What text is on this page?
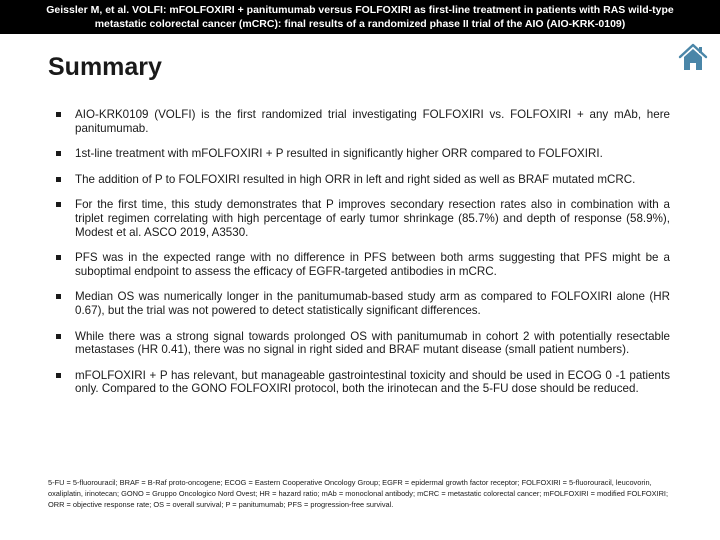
Geissler M, et al. VOLFI: mFOLFOXIRI + panitumumab versus FOLFOXIRI as first-line treatment in patients with RAS wild-type
metastatic colorectal cancer (mCRC): final results of a randomized phase II trial of the AIO (AIO-KRK-0109)
Summary
AIO-KRK0109 (VOLFI) is the first randomized trial investigating FOLFOXIRI vs. FOLFOXIRI + any mAb, here panitumumab.
1st-line treatment with mFOLFOXIRI + P resulted in significantly higher ORR compared to FOLFOXIRI.
The addition of P to FOLFOXIRI resulted in high ORR in left and right sided as well as BRAF mutated mCRC.
For the first time, this study demonstrates that P improves secondary resection rates also in combination with a triplet regimen correlating with high percentage of early tumor shrinkage (85.7%) and depth of response (58.9%), Modest et al. ASCO 2019, A3530.
PFS was in the expected range with no difference in PFS between both arms suggesting that PFS might be a suboptimal endpoint to assess the efficacy of EGFR-targeted antibodies in mCRC.
Median OS was numerically longer in the panitumumab-based study arm as compared to FOLFOXIRI alone (HR 0.67), but the trial was not powered to detect statistically significant differences.
While there was a strong signal towards prolonged OS with panitumumab in cohort 2 with potentially resectable metastases (HR 0.41), there was no signal in right sided and BRAF mutant disease (small patient numbers).
mFOLFOXIRI + P has relevant, but manageable gastrointestinal toxicity and should be used in ECOG 0 -1 patients only. Compared to the GONO FOLFOXIRI protocol, both the irinotecan and the 5-FU dose should be reduced.
5-FU = 5-fluorouracil; BRAF = B-Raf proto-oncogene; ECOG = Eastern Cooperative Oncology Group; EGFR = epidermal growth factor receptor; FOLFOXIRI = 5-fluorouracil, leucovorin, oxaliplatin, irinotecan; GONO = Gruppo Oncologico Nord Ovest; HR = hazard ratio; mAb = monoclonal antibody; mCRC = metastatic colorectal cancer; mFOLFOXIRI = modified FOLFOXIRI; ORR = objective response rate; OS = overall survival; P = panitumumab; PFS = progression-free survival.
